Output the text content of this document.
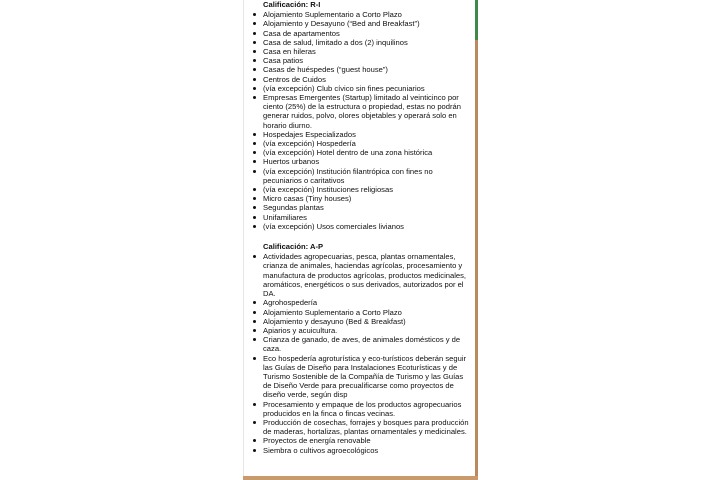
Calificación: R-I
Alojamiento Suplementario a Corto Plazo
Alojamiento y Desayuno (“Bed and Breakfast”)
Casa de apartamentos
Casa de salud, limitado a dos (2) inquilinos
Casa en hileras
Casa patios
Casas de huéspedes (“guest house”)
Centros de Cuidos
(vía excepción) Club cívico sin fines pecuniarios
Empresas Emergentes (Startup) limitado al veinticinco por ciento (25%) de la estructura o propiedad, estas no podrán generar ruidos, polvo, olores objetables y operará solo en horario diurno.
Hospedajes Especializados
(vía excepción) Hospedería
(vía excepción) Hotel dentro de una zona histórica
Huertos urbanos
(vía excepción) Institución filantrópica con fines no pecuniarios o caritativos
(vía excepción) Instituciones religiosas
Micro casas (Tiny houses)
Segundas plantas
Unifamiliares
(vía excepción) Usos comerciales livianos
Calificación: A-P
Actividades agropecuarias, pesca, plantas ornamentales, crianza de animales, haciendas agrícolas, procesamiento y manufactura de productos agrícolas, productos medicinales, aromáticos, energéticos o sus derivados, autorizados por el DA.
Agrohospedería
Alojamiento Suplementario a Corto Plazo
Alojamiento y desayuno (Bed & Breakfast)
Apiarios y acuicultura.
Crianza de ganado, de aves, de animales domésticos y de caza.
Eco hospedería agroturística y eco-turísticos deberán seguir las Guías de Diseño para Instalaciones Ecoturísticas y de Turismo Sostenible de la Compañía de Turismo y las Guías de Diseño Verde para precualificarse como proyectos de diseño verde, según disp
Procesamiento y empaque de los productos agropecuarios producidos en la finca o fincas vecinas.
Producción de cosechas, forrajes y bosques para producción de maderas, hortalizas, plantas ornamentales y medicinales.
Proyectos de energía renovable
Siembra o cultivos agroecológicos
